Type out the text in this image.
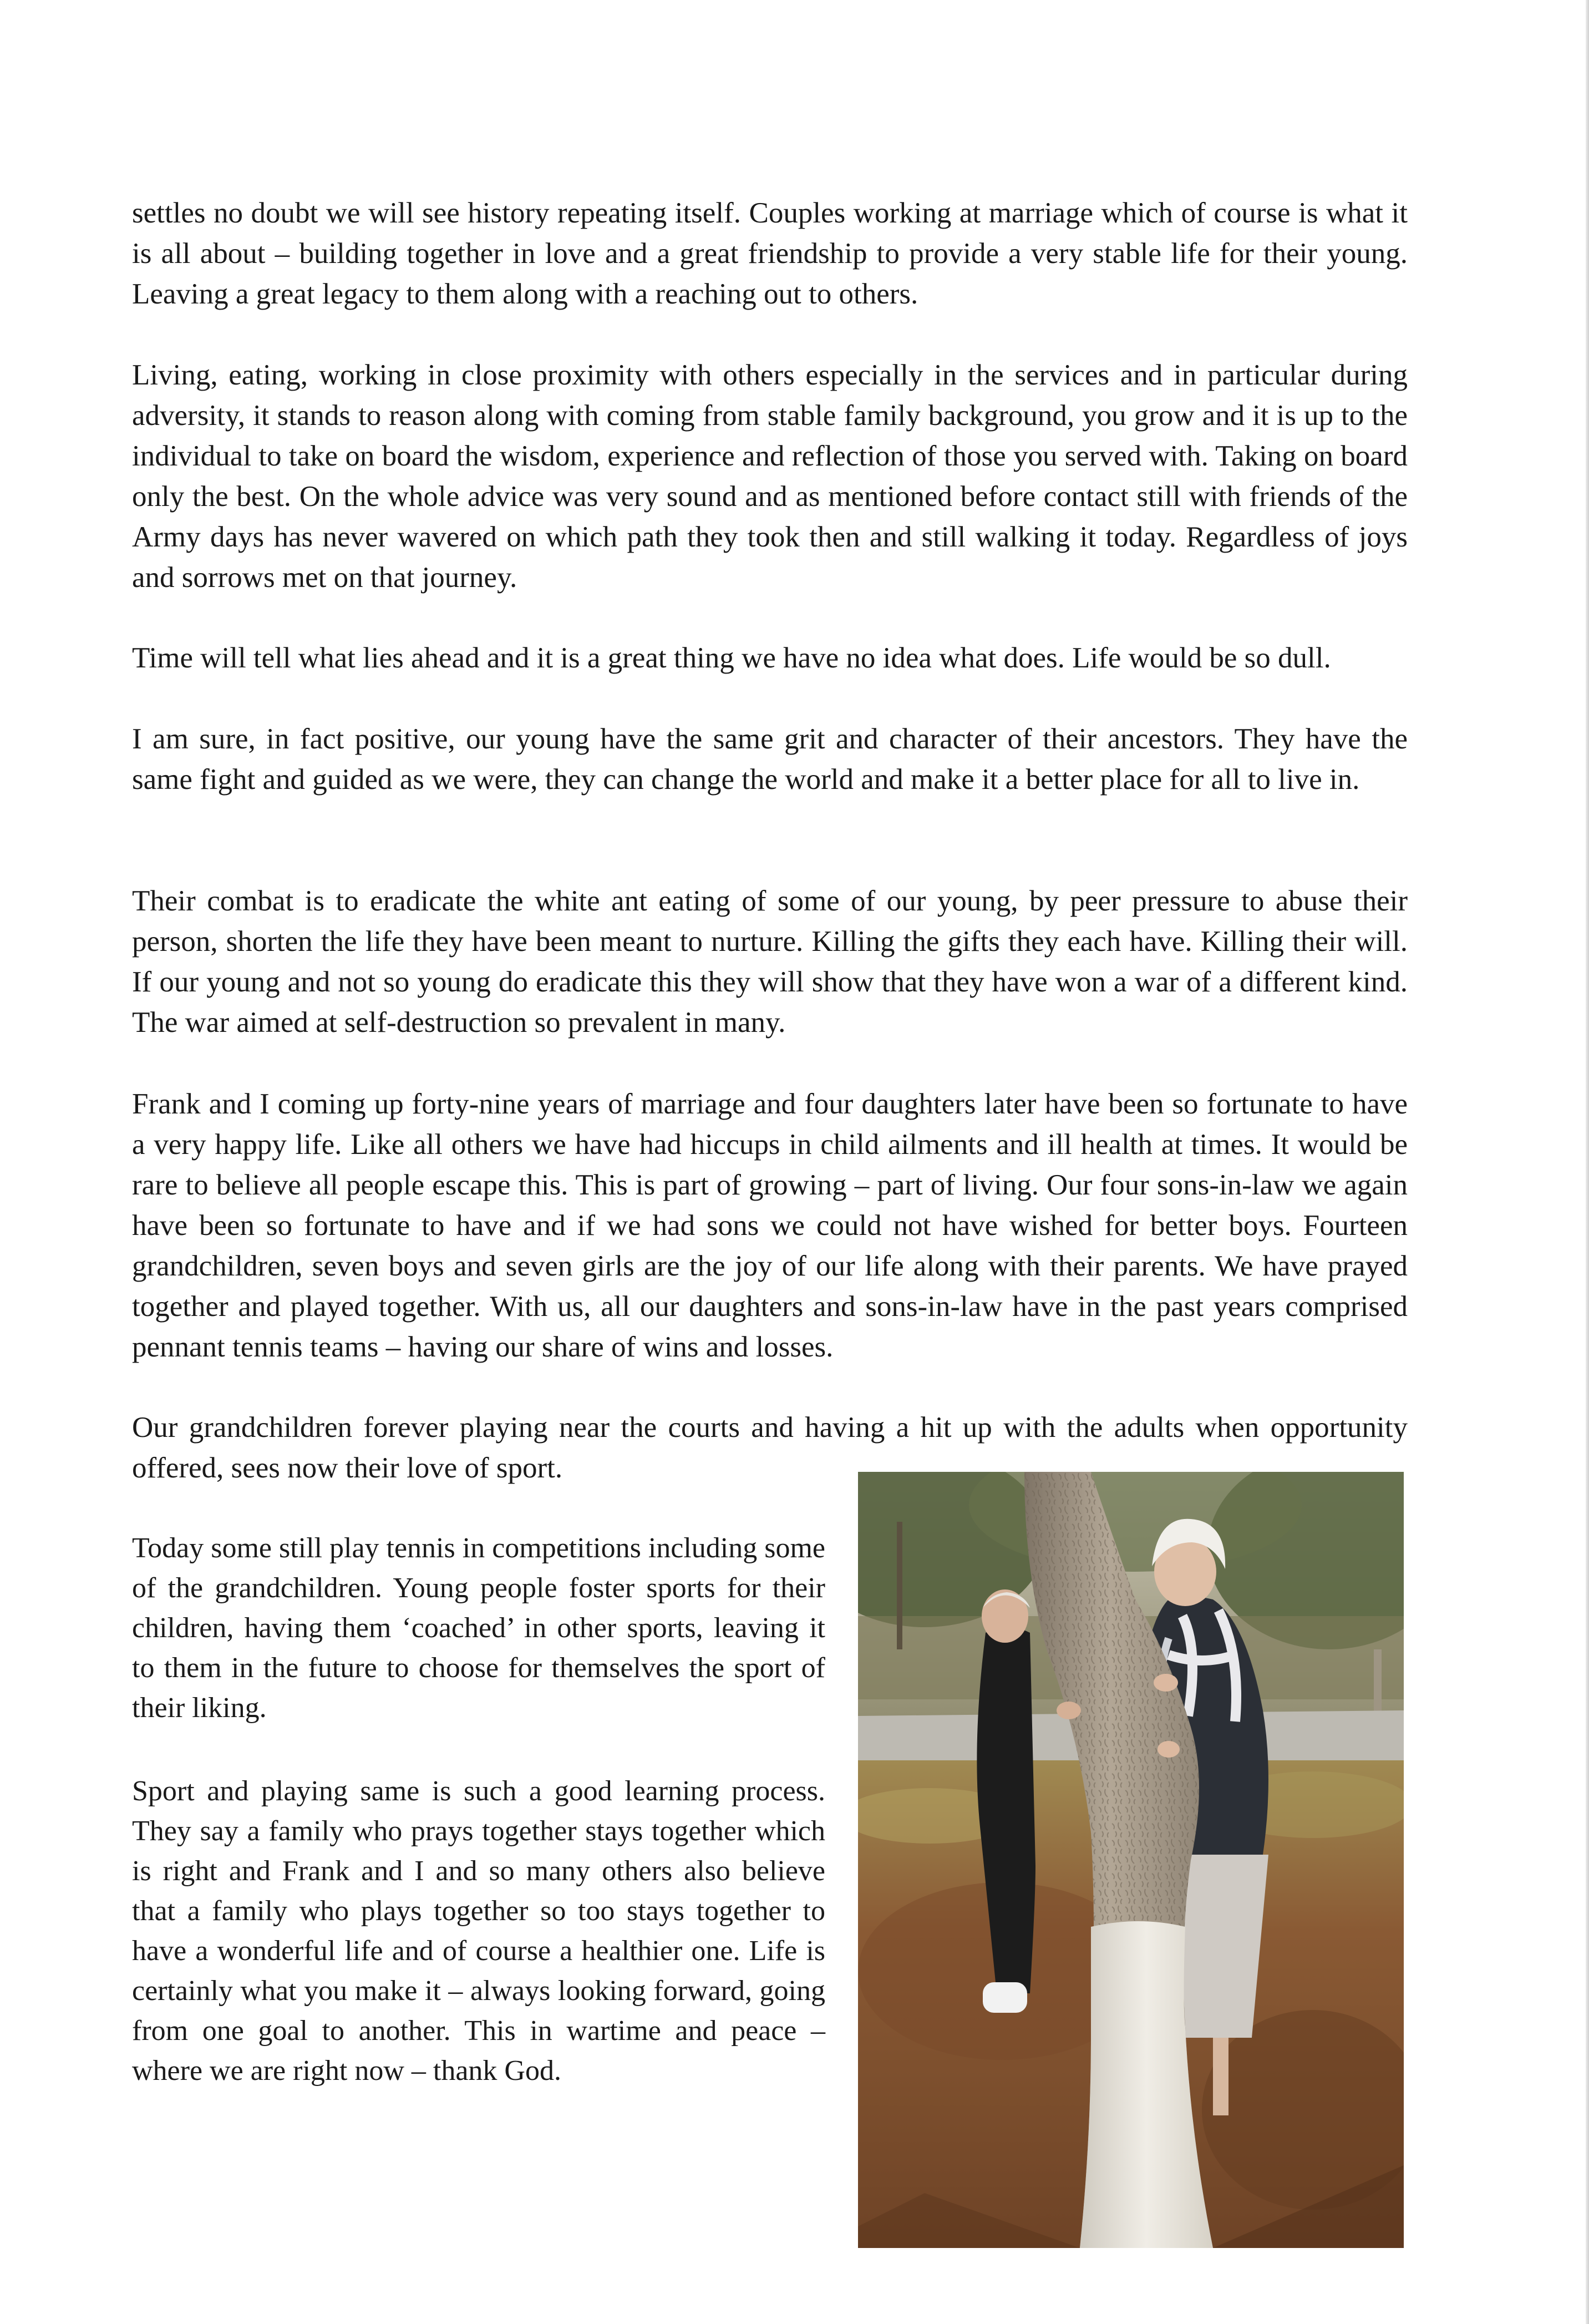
settles no doubt we will see history repeating itself. Couples working at marriage which of course is what it is all about – building together in love and a great friendship to provide a very stable life for their young. Leaving a great legacy to them along with a reaching out to others.

Living, eating, working in close proximity with others especially in the services and in particular during adversity, it stands to reason along with coming from stable family background, you grow and it is up to the individual to take on board the wisdom, experience and reflection of those you served with. Taking on board only the best. On the whole advice was very sound and as mentioned before contact still with friends of the Army days has never wavered on which path they took then and still walking it today. Regardless of joys and sorrows met on that journey.

Time will tell what lies ahead and it is a great thing we have no idea what does. Life would be so dull.

I am sure, in fact positive, our young have the same grit and character of their ancestors. They have the same fight and guided as we were, they can change the world and make it a better place for all to live in.

Their combat is to eradicate the white ant eating of some of our young, by peer pressure to abuse their person, shorten the life they have been meant to nurture. Killing the gifts they each have. Killing their will. If our young and not so young do eradicate this they will show that they have won a war of a different kind. The war aimed at self-destruction so prevalent in many.

Frank and I coming up forty-nine years of marriage and four daughters later have been so fortunate to have a very happy life. Like all others we have had hiccups in child ailments and ill health at times. It would be rare to believe all people escape this. This is part of growing – part of living. Our four sons-in-law we again have been so fortunate to have and if we had sons we could not have wished for better boys. Fourteen grandchildren, seven boys and seven girls are the joy of our life along with their parents. We have prayed together and played together. With us, all our daughters and sons-in-law have in the past years comprised pennant tennis teams – having our share of wins and losses.

Our grandchildren forever playing near the courts and having a hit up with the adults when opportunity offered, sees now their love of sport.

Today some still play tennis in competitions including some of the grandchildren. Young people foster sports for their children, having them ‘coached’ in other sports, leaving it to them in the future to choose for themselves the sport of their liking.

Sport and playing same is such a good learning process. They say a family who prays together stays together which is right and Frank and I and so many others also believe that a family who plays together so too stays together to have a wonderful life and of course a healthier one. Life is certainly what you make it – always looking forward, going from one goal to another. This in wartime and peace – where we are right now – thank God.
